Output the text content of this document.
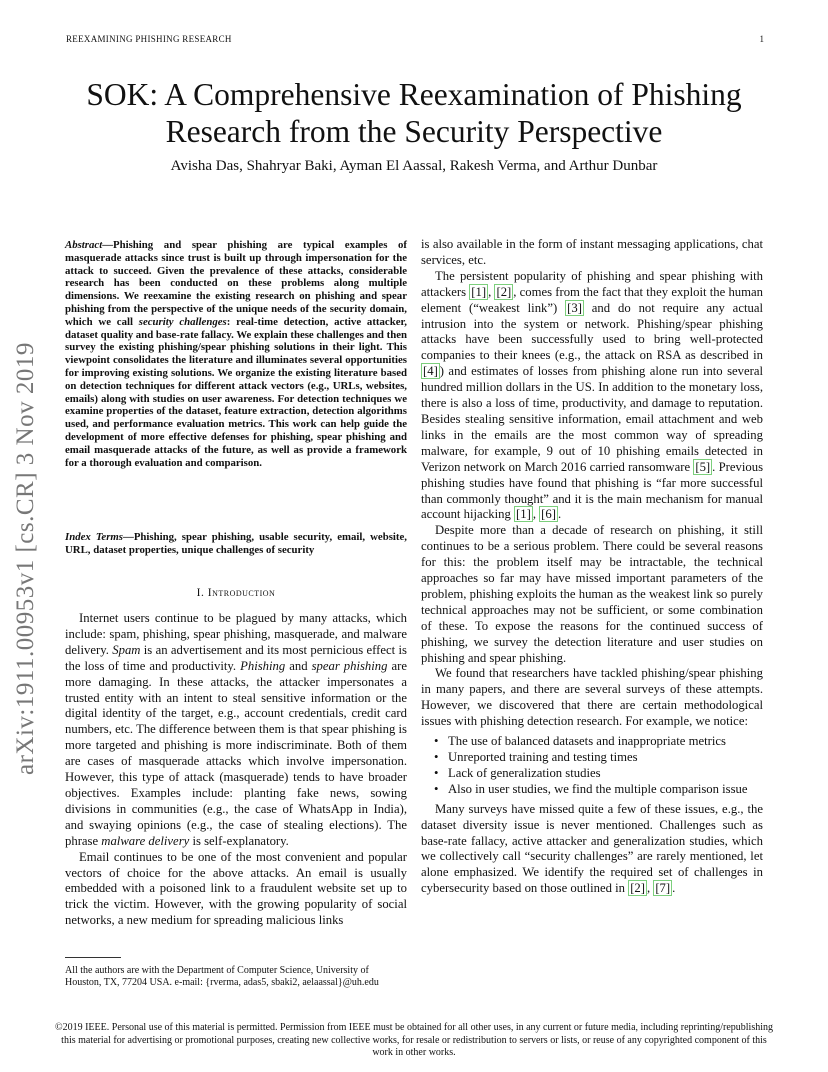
REEXAMINING PHISHING RESEARCH	1
SOK: A Comprehensive Reexamination of Phishing
Research from the Security Perspective
Avisha Das, Shahryar Baki, Ayman El Aassal, Rakesh Verma, and Arthur Dunbar
arXiv:1911.00953v1 [cs.CR] 3 Nov 2019
Abstract—Phishing and spear phishing are typical examples of masquerade attacks since trust is built up through impersonation for the attack to succeed. Given the prevalence of these attacks, considerable research has been conducted on these problems along multiple dimensions. We reexamine the existing research on phishing and spear phishing from the perspective of the unique needs of the security domain, which we call security challenges: real-time detection, active attacker, dataset quality and base-rate fallacy. We explain these challenges and then survey the existing phishing/spear phishing solutions in their light. This viewpoint consolidates the literature and illuminates several opportunities for improving existing solutions. We organize the existing literature based on detection techniques for different attack vectors (e.g., URLs, websites, emails) along with studies on user awareness. For detection techniques we examine properties of the dataset, feature extraction, detection algorithms used, and performance evaluation metrics. This work can help guide the development of more effective defenses for phishing, spear phishing and email masquerade attacks of the future, as well as provide a framework for a thorough evaluation and comparison.
Index Terms—Phishing, spear phishing, usable security, email, website, URL, dataset properties, unique challenges of security
I. Introduction

Internet users continue to be plagued by many attacks, which include: spam, phishing, spear phishing, masquerade, and malware delivery. Spam is an advertisement and its most pernicious effect is the loss of time and productivity. Phishing and spear phishing are more damaging. In these attacks, the attacker impersonates a trusted entity with an intent to steal sensitive information or the digital identity of the target, e.g., account credentials, credit card numbers, etc. The difference between them is that spear phishing is more targeted and phishing is more indiscriminate. Both of them are cases of masquerade attacks which involve impersonation. However, this type of attack (masquerade) tends to have broader objectives. Examples include: planting fake news, sowing divisions in communities (e.g., the case of WhatsApp in India), and swaying opinions (e.g., the case of stealing elections). The phrase malware delivery is self-explanatory.

Email continues to be one of the most convenient and popular vectors of choice for the above attacks. An email is usually embedded with a poisoned link to a fraudulent website set up to trick the victim. However, with the growing popularity of social networks, a new medium for spreading malicious links

All the authors are with the Department of Computer Science, University of Houston, TX, 77204 USA. e-mail: {rverma, adas5, sbaki2, aelaassal}@uh.edu

is also available in the form of instant messaging applications, chat services, etc.

The persistent popularity of phishing and spear phishing with attackers [1] , [2] , comes from the fact that they exploit the human element (“weakest link”) [3] and do not require any actual intrusion into the system or network. Phishing/spear phishing attacks have been successfully used to bring well-protected companies to their knees (e.g., the attack on RSA as described in [4] ) and estimates of losses from phishing alone run into several hundred million dollars in the US. In addition to the monetary loss, there is also a loss of time, productivity, and damage to reputation. Besides stealing sensitive information, email attachment and web links in the emails are the most common way of spreading malware, for example, 9 out of 10 phishing emails detected in Verizon network on March 2016 carried ransomware [5] . Previous phishing studies have found that phishing is “far more successful than commonly thought” and it is the main mechanism for manual account hijacking [1] , [6] .

Despite more than a decade of research on phishing, it still continues to be a serious problem. There could be several reasons for this: the problem itself may be intractable, the technical approaches so far may have missed important parameters of the problem, phishing exploits the human as the weakest link so purely technical approaches may not be sufficient, or some combination of these. To expose the reasons for the continued success of phishing, we survey the detection literature and user studies on phishing and spear phishing.

We found that researchers have tackled phishing/spear phishing in many papers, and there are several surveys of these attempts. However, we discovered that there are certain methodological issues with phishing detection research. For example, we notice:

• The use of balanced datasets and inappropriate metrics
• Unreported training and testing times
• Lack of generalization studies
• Also in user studies, we find the multiple comparison issue

Many surveys have missed quite a few of these issues, e.g., the dataset diversity issue is never mentioned. Challenges such as base-rate fallacy, active attacker and generalization studies, which we collectively call “security challenges” are rarely mentioned, let alone emphasized. We identify the required set of challenges in cybersecurity based on those outlined in [2] , [7] .

©2019 IEEE. Personal use of this material is permitted. Permission from IEEE must be obtained for all other uses, in any current or future media, including reprinting/republishing this material for advertising or promotional purposes, creating new collective works, for resale or redistribution to servers or lists, or reuse of any copyrighted component of this work in other works.
